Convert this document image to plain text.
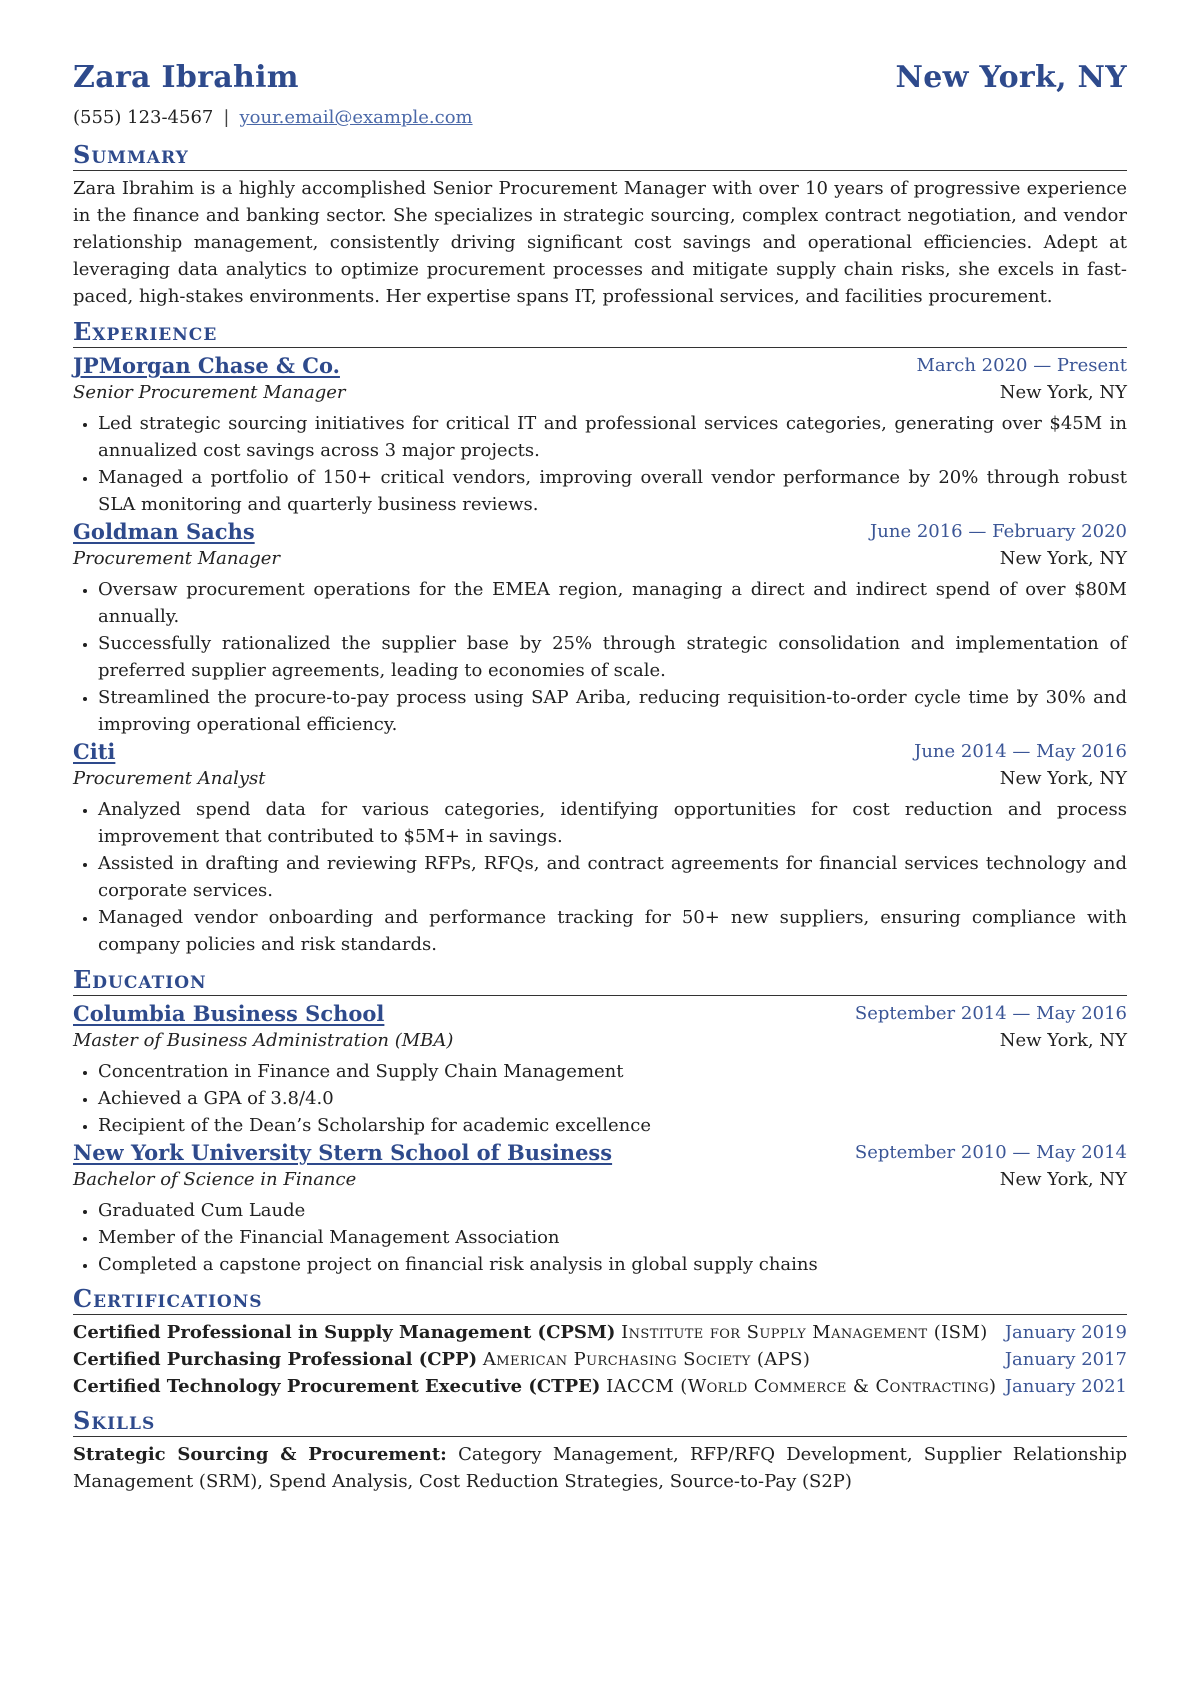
Zara Ibrahim	New York, NY
(555) 123-4567 | your.email@example.com
Summary
Zara Ibrahim is a highly accomplished Senior Procurement Manager with over 10 years of progressive experience in the finance and banking sector. She specializes in strategic sourcing, complex contract negotiation, and vendor relationship management, consistently driving significant cost savings and operational efficiencies. Adept at leveraging data analytics to optimize procurement processes and mitigate supply chain risks, she excels in fast-paced, high-stakes environments. Her expertise spans IT, professional services, and facilities procurement.
Experience
JPMorgan Chase & Co.	March 2020 — Present
Senior Procurement Manager	New York, NY
• Led strategic sourcing initiatives for critical IT and professional services categories, generating over $45M in annualized cost savings across 3 major projects.
• Managed a portfolio of 150+ critical vendors, improving overall vendor performance by 20% through robust SLA monitoring and quarterly business reviews.
Goldman Sachs	June 2016 — February 2020
Procurement Manager	New York, NY
• Oversaw procurement operations for the EMEA region, managing a direct and indirect spend of over $80M annually.
• Successfully rationalized the supplier base by 25% through strategic consolidation and implementation of preferred supplier agreements, leading to economies of scale.
• Streamlined the procure-to-pay process using SAP Ariba, reducing requisition-to-order cycle time by 30% and improving operational efficiency.
Citi	June 2014 — May 2016
Procurement Analyst	New York, NY
• Analyzed spend data for various categories, identifying opportunities for cost reduction and process improvement that contributed to $5M+ in savings.
• Assisted in drafting and reviewing RFPs, RFQs, and contract agreements for financial services technology and corporate services.
• Managed vendor onboarding and performance tracking for 50+ new suppliers, ensuring compliance with company policies and risk standards.
Education
Columbia Business School	September 2014 — May 2016
Master of Business Administration (MBA)	New York, NY
• Concentration in Finance and Supply Chain Management
• Achieved a GPA of 3.8/4.0
• Recipient of the Dean’s Scholarship for academic excellence
New York University Stern School of Business	September 2010 — May 2014
Bachelor of Science in Finance	New York, NY
• Graduated Cum Laude
• Member of the Financial Management Association
• Completed a capstone project on financial risk analysis in global supply chains
Certifications
Certified Professional in Supply Management (CPSM) Institute for Supply Management (ISM) January 2019
Certified Purchasing Professional (CPP) American Purchasing Society (APS)	January 2017
Certified Technology Procurement Executive (CTPE) IACCM (World Commerce & Contracting) January 2021
Skills
Strategic Sourcing & Procurement: Category Management, RFP/RFQ Development, Supplier Relationship Management (SRM), Spend Analysis, Cost Reduction Strategies, Source-to-Pay (S2P)
